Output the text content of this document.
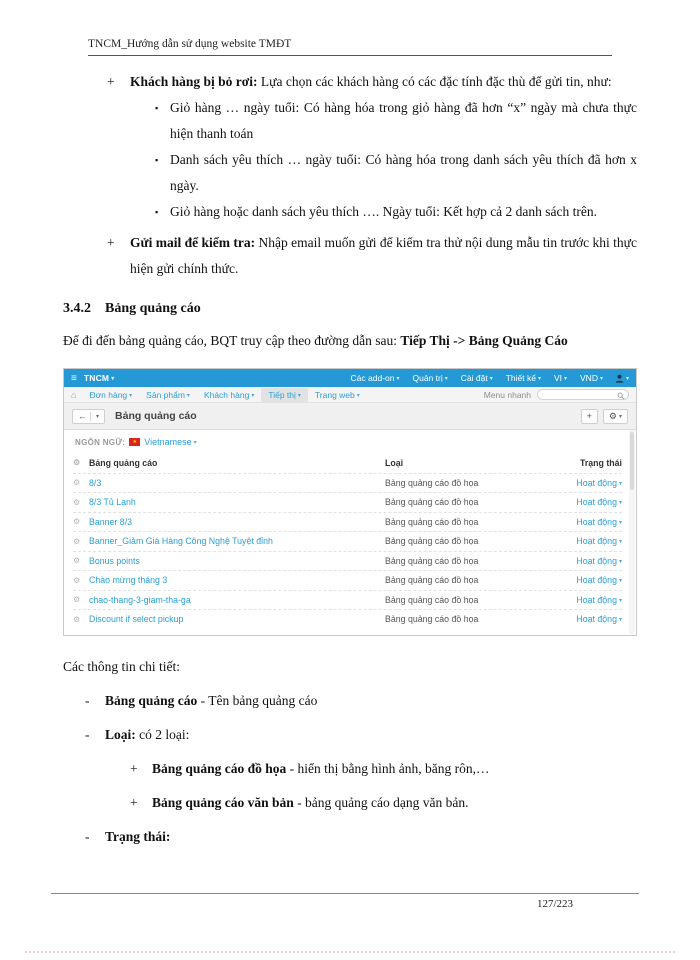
TNCM_Hướng dẫn sử dụng website TMĐT
+ Khách hàng bị bỏ rơi: Lựa chọn các khách hàng có các đặc tính đặc thù để gửi tin, như:
▪ Giỏ hàng … ngày tuổi: Có hàng hóa trong giỏ hàng đã hơn “x” ngày mà chưa thực hiện thanh toán
▪ Danh sách yêu thích … ngày tuổi: Có hàng hóa trong danh sách yêu thích đã hơn x ngày.
▪ Giỏ hàng hoặc danh sách yêu thích …. Ngày tuổi: Kết hợp cả 2 danh sách trên.
+ Gửi mail để kiểm tra: Nhập email muốn gửi để kiểm tra thử nội dung mẫu tin trước khi thực hiện gửi chính thức.
3.4.2 Bảng quảng cáo
Để đi đến bảng quảng cáo, BQT truy cập theo đường dẫn sau: Tiếp Thị -> Bảng Quảng Cáo
≡ TNCM ▾	Các add-on ▾ Quản trị ▾ Cài đặt ▾ Thiết kế ▾ VI ▾ VND ▾	▾
⌂	Đơn hàng ▾	Sản phẩm ▾	Khách hàng ▾	Tiếp thị ▾	Trang web ▾	Menu nhanh
← ▾ Bảng quảng cáo	+ ⚙ ▾
NGÔN NGỮ: ★ Vietnamese ▾
⚙	Bảng quảng cáo	Loại	Trạng thái
⚙	8/3	Bảng quảng cáo đồ họa	Hoạt động ▾
⚙	8/3 Tủ Lạnh	Bảng quảng cáo đồ họa	Hoạt động ▾
⚙	Banner 8/3	Bảng quảng cáo đồ họa	Hoạt động ▾
⚙	Banner_Giảm Giá Hàng Công Nghệ Tuyệt đỉnh	Bảng quảng cáo đồ họa	Hoạt động ▾
⚙	Bonus points	Bảng quảng cáo đồ họa	Hoạt động ▾
⚙	Chào mừng tháng 3	Bảng quảng cáo đồ họa	Hoạt động ▾
⚙	chao-thang-3-giam-tha-ga	Bảng quảng cáo đồ họa	Hoạt động ▾
⚙	Discount if select pickup	Bảng quảng cáo đồ họa	Hoạt động ▾
Các thông tin chi tiết:
- Bảng quảng cáo - Tên bảng quảng cáo
- Loại: có 2 loại:
+ Bảng quảng cáo đồ họa - hiển thị bằng hình ảnh, băng rôn,…
+ Bảng quảng cáo văn bản - bảng quảng cáo dạng văn bản.
- Trạng thái:
127/223
